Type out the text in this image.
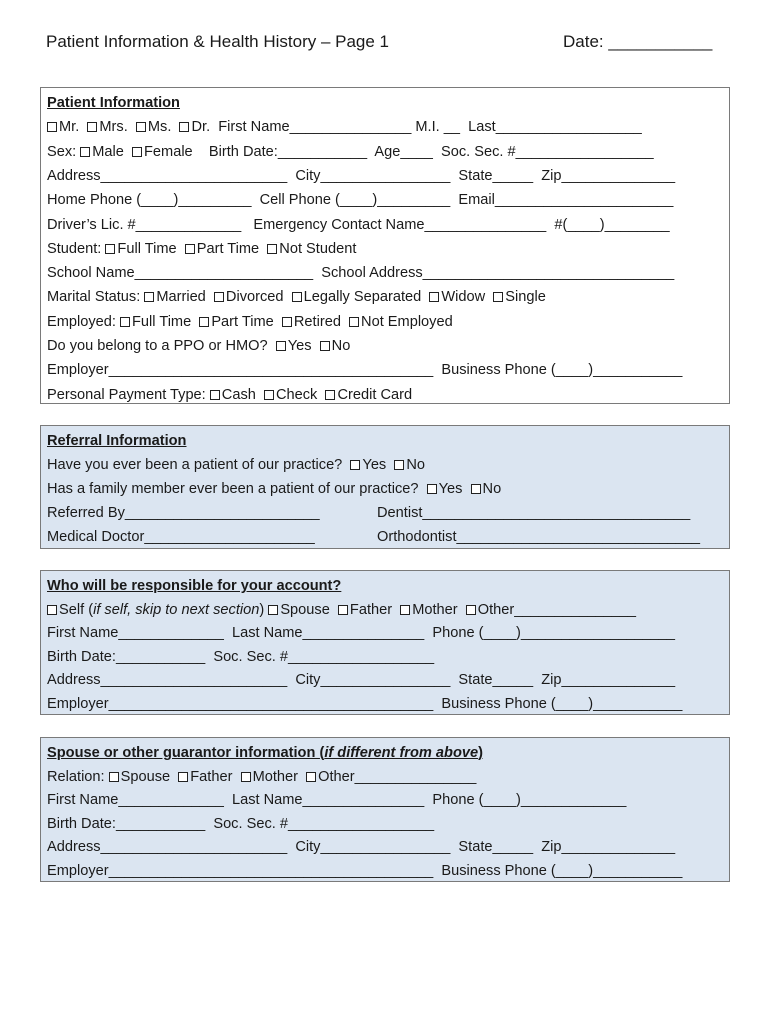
Patient Information & Health History – Page 1	Date: ___________
Patient Information
Mr.  Mrs.  Ms.  Dr.  First Name_______________ M.I. __  Last__________________
Sex: Male  Female    Birth Date:___________  Age____  Soc. Sec. #_________________
Address_______________________  City________________  State_____  Zip______________
Home Phone (____)_________  Cell Phone (____)_________  Email______________________
Driver’s Lic. #_____________   Emergency Contact Name_______________  #(____)________
Student: Full Time  Part Time  Not Student
School Name______________________  School Address_______________________________
Marital Status: Married  Divorced  Legally Separated  Widow  Single
Employed: Full Time  Part Time  Retired  Not Employed
Do you belong to a PPO or HMO?  Yes  No
Employer________________________________________  Business Phone (____)___________
Personal Payment Type: Cash  Check  Credit Card
Referral Information
Have you ever been a patient of our practice?  Yes  No
Has a family member ever been a patient of our practice?  Yes  No
Referred By________________________	Dentist_________________________________
Medical Doctor_____________________	Orthodontist______________________________
Who will be responsible for your account?
Self (if self, skip to next section) Spouse  Father  Mother  Other_______________
First Name_____________  Last Name_______________  Phone (____)___________________
Birth Date:___________  Soc. Sec. #__________________
Address_______________________  City________________  State_____  Zip______________
Employer________________________________________  Business Phone (____)___________
Spouse or other guarantor information (if different from above)
Relation: Spouse  Father  Mother  Other_______________
First Name_____________  Last Name_______________  Phone (____)_____________
Birth Date:___________  Soc. Sec. #__________________
Address_______________________  City________________  State_____  Zip______________
Employer________________________________________  Business Phone (____)___________
